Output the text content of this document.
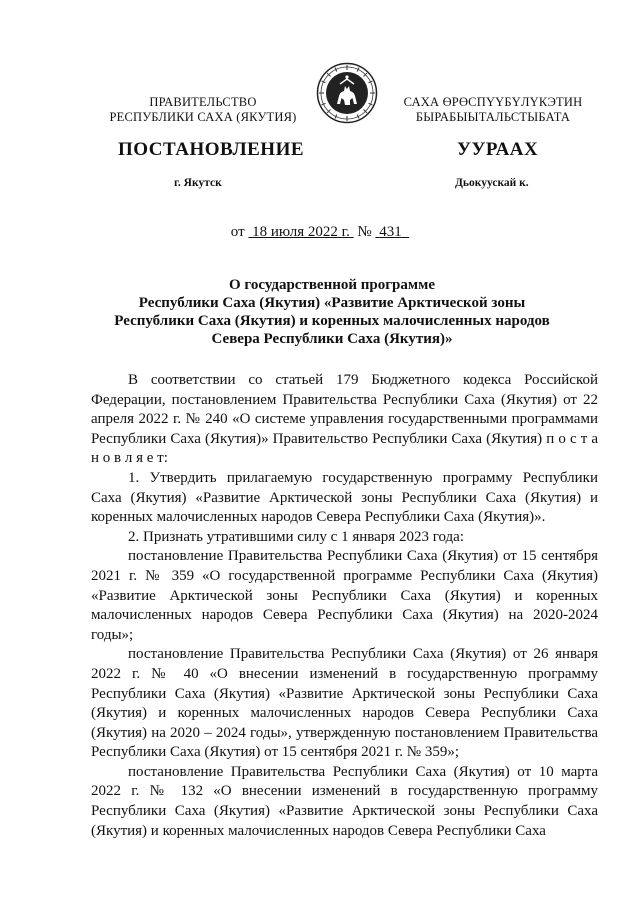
ПРАВИТЕЛЬСТВО
РЕСПУБЛИКИ САХА (ЯКУТИЯ)
САХА ӨРӨСПҮҮБҮЛҮКЭТИН
БЫРАБЫЫТАЛЬСТЫБАТА
ПОСТАНОВЛЕНИЕ	УУРААХ
г. Якутск	Дьокуускай к.
от 18 июля 2022 г. № 431
О государственной программе
Республики Саха (Якутия) «Развитие Арктической зоны
Республики Саха (Якутия) и коренных малочисленных народов
Севера Республики Саха (Якутия)»

В соответствии со статьей 179 Бюджетного кодекса Российской Федерации, постановлением Правительства Республики Саха (Якутия) от 22 апреля 2022 г. № 240 «О системе управления государственными программами Республики Саха (Якутия)» Правительство Республики Саха (Якутия) п о с т а н о в л я е т:

1. Утвердить прилагаемую государственную программу Республики Саха (Якутия) «Развитие Арктической зоны Республики Саха (Якутия) и коренных малочисленных народов Севера Республики Саха (Якутия)».

2. Признать утратившими силу с 1 января 2023 года:

постановление Правительства Республики Саха (Якутия) от 15 сентября 2021 г. № 359 «О государственной программе Республики Саха (Якутия) «Развитие Арктической зоны Республики Саха (Якутия) и коренных малочисленных народов Севера Республики Саха (Якутия) на 2020-2024 годы»;

постановление Правительства Республики Саха (Якутия) от 26 января 2022 г. № 40 «О внесении изменений в государственную программу Республики Саха (Якутия) «Развитие Арктической зоны Республики Саха (Якутия) и коренных малочисленных народов Севера Республики Саха (Якутия) на 2020 – 2024 годы», утвержденную постановлением Правительства Республики Саха (Якутия) от 15 сентября 2021 г. № 359»;

постановление Правительства Республики Саха (Якутия) от 10 марта 2022 г. № 132 «О внесении изменений в государственную программу Республики Саха (Якутия) «Развитие Арктической зоны Республики Саха (Якутия) и коренных малочисленных народов Севера Республики Саха
